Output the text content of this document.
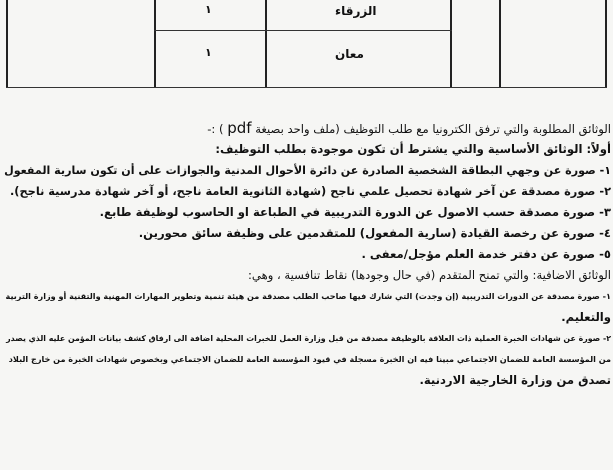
الزرقاء
١
معان
١
الوثائق المطلوبة والتي ترفق الكترونيا مع طلب التوظيف (ملف واحد بصيغة pdf ) :-
أولاً: الوثائق الأساسية والتي يشترط أن تكون موجودة بطلب التوظيف:
١- صورة عن وجهي البطاقة الشخصية الصادرة عن دائرة الأحوال المدنية والجوازات على أن تكون سارية المفعول
٢- صورة مصدقة عن آخر شهادة تحصيل علمي ناجح (شهادة الثانوية العامة ناجح، أو آخر شهادة مدرسية ناجح).
٣- صورة مصدقة حسب الاصول عن الدورة التدريبية في الطباعة او الحاسوب لوظيفة طابع.
٤- صورة عن رخصة القيادة (سارية المفعول) للمتقدمين على وظيفة سائق محورين.
٥- صورة عن دفتر خدمة العلم مؤجل/معفى .
الوثائق الاضافية: والتي تمنح المتقدم (في حال وجودها) نقاط تنافسية ، وهي:
١- صورة مصدقة عن الدورات التدريبية (إن وجدت) التي شارك فيها صاحب الطلب مصدقة من هيئة تنمية وتطوير المهارات المهنية والتقنية أو وزارة التربية
والتعليم.
٢- صورة عن شهادات الخبرة العملية ذات العلاقة بالوظيفة مصدقة من قبل وزارة العمل للخبرات المحلية اضافة الى ارفاق كشف بيانات المؤمن عليه الذي يصدر
من المؤسسة العامة للضمان الاجتماعي مبينا فيه ان الخبرة مسجلة في قيود المؤسسة العامة للضمان الاجتماعي وبخصوص شهادات الخبرة من خارج البلاد
تصدق من وزارة الخارجية الاردنية.
